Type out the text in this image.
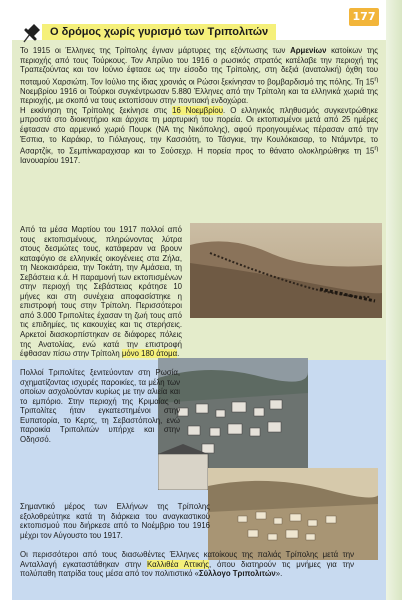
177
Ο δρόμος χωρίς γυρισμό των Τριπολιτών
Το 1915 οι Έλληνες της Τρίπολης έγιναν μάρτυρες της εξόντωσης των Αρμενίων κατοίκων της περιοχής από τους Τούρκους. Τον Απρίλιο του 1916 ο ρωσικός στρατός κατέλαβε την περιοχή της Τραπεζούντας και τον Ιούνιο έφτασε ως την είσοδο της Τρίπολης, στη δεξιά (ανατολική) όχθη του ποταμού Χαρσιώτη. Τον Ιούλιο της ίδιας χρονιάς οι Ρώσοι ξεκίνησαν το βομβαρδισμό της πόλης. Τη $15^\eta$ Νοεμβρίου 1916 οι Τούρκοι συγκέντρωσαν 5.880 Έλληνες από την Τρίπολη και τα ελληνικά χωριά της περιοχής, με σκοπό να τους εκτοπίσουν στην ποντιακή ενδοχώρα.
Η εκκίνηση της Τρίπολης ξεκίνησε στις 16 Νοεμβρίου. Ο ελληνικός πληθυσμός συγκεντρώθηκε μπροστά στο διοικητήριο και άρχισε τη μαρτυρική του πορεία. Οι εκτοπισμένοι μετά από 25 ημέρες έφτασαν στο αρμενικό χωριό Πουρκ (ΝΑ της Νικόπολης), αφού προηγουμένως πέρασαν από την Έσπια, το Καράκιρ, το Γιόλαγους, την Κασσιότη, το Τάσγκιε, την Κουλόκαισαρ, το Ντάμντρε, το Ασαρτζίκ, το Σεμπίνκαραχισαρ και το Σούσεχρ. Η πορεία προς το θάνατο ολοκληρώθηκε τη $15^\eta$ Ιανουαρίου 1917.
Από τα μέσα Μαρτίου του 1917 πολλοί από τους εκτοπισμένους, πληρώνοντας λύτρα στους δεσμώτες τους, κατάφεραν να βρουν καταφύγιο σε ελληνικές οικογένειες στα Ζήλα, τη Νεοκαισάρεια, την Τοκάτη, την Αμάσεια, τη Σεβάστεια κ.ά. Η παραμονή των εκτοπισμένων στην περιοχή της Σεβάστειας κράτησε 10 μήνες και στη συνέχεια αποφασίστηκε η επιστροφή τους στην Τρίπολη. Περισσότεροι από 3.000 Τριπολίτες έχασαν τη ζωή τους από τις επιδημίες, τις κακουχίες και τις στερήσεις. Αρκετοί διασκορπίστηκαν σε διάφορες πόλεις της Ανατολίας, ενώ κατά την επιστροφή έφθασαν πίσω στην Τρίπολη μόνο 180 άτομα.
Πολλοί Τριπολίτες ξενιτεύονταν στη Ρωσία, σχηματίζοντας ισχυρές παροικίες, τα μέλη των οποίων ασχολούνταν κυρίως με την αλιεία και το εμπόριο. Στην περιοχή της Κριμαίας οι Τριπολίτες ήταν εγκατεστημένοι στην Ευπατορία, το Κερτς, τη Σεβαστόπολη, ενώ παροικία Τριπολιτών υπήρχε και στην Οδησσό.
Σημαντικό μέρος των Ελλήνων της Τρίπολης εξολοθρεύτηκε κατά τη διάρκεια του αναγκαστικού εκτοπισμού που διήρκεσε από το Νοέμβριο του 1916 μέχρι τον Αύγουστο του 1917.
Οι περισσότεροι από τους διασωθέντες Έλληνες κατοίκους της παλιάς Τρίπολης μετά την Ανταλλαγή εγκαταστάθηκαν στην Καλλιθέα Αττικής, όπου διατηρούν τις μνήμες για την πολύπαθη πατρίδα τους μέσα από τον πολιτιστικό «Σύλλογο Τριπολιτών».
